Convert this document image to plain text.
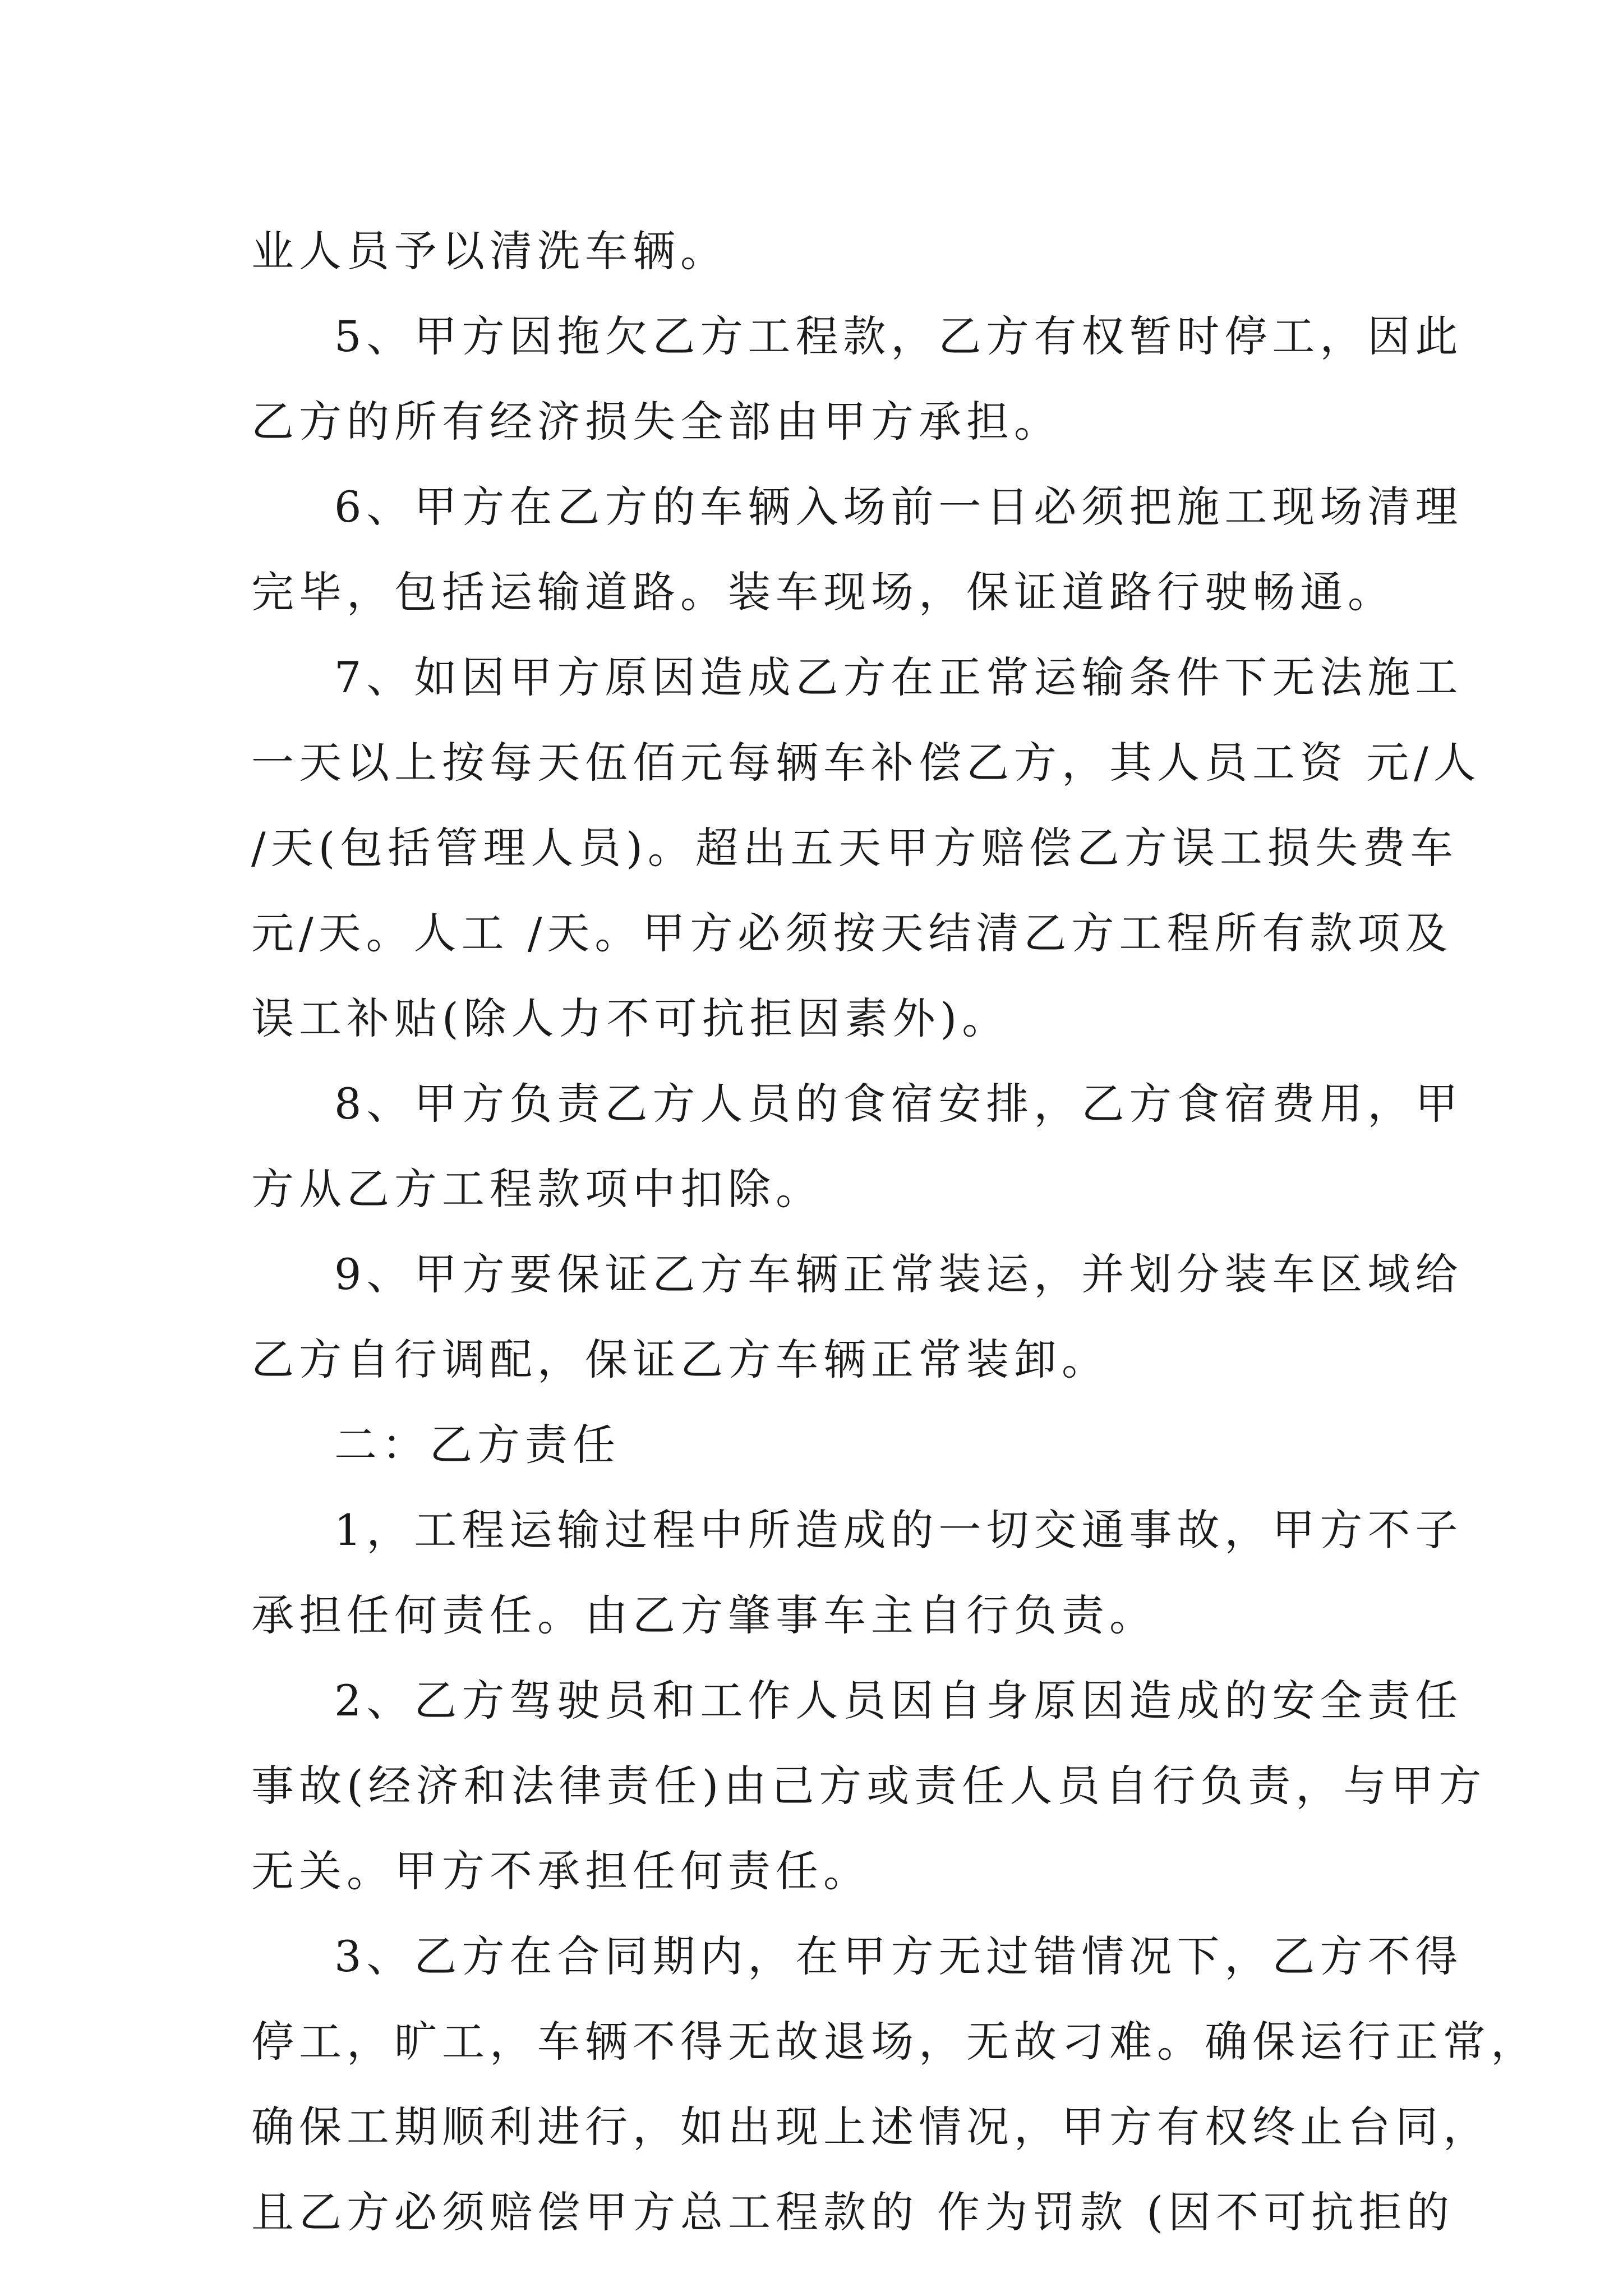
业人员予以清洗车辆。
5、甲方因拖欠乙方工程款，乙方有权暂时停工，因此
乙方的所有经济损失全部由甲方承担。
6、甲方在乙方的车辆入场前一日必须把施工现场清理
完毕，包括运输道路。装车现场，保证道路行驶畅通。
7、如因甲方原因造成乙方在正常运输条件下无法施工
一天以上按每天伍佰元每辆车补偿乙方，其人员工资 元/人
/天(包括管理人员)。超出五天甲方赔偿乙方误工损失费车
元/天。人工 /天。甲方必须按天结清乙方工程所有款项及
误工补贴(除人力不可抗拒因素外)。
8、甲方负责乙方人员的食宿安排，乙方食宿费用，甲
方从乙方工程款项中扣除。
9、甲方要保证乙方车辆正常装运，并划分装车区域给
乙方自行调配，保证乙方车辆正常装卸。
二：乙方责任
1，工程运输过程中所造成的一切交通事故，甲方不子
承担任何责任。由乙方肇事车主自行负责。
2、乙方驾驶员和工作人员因自身原因造成的安全责任
事故(经济和法律责任)由己方或责任人员自行负责，与甲方
无关。甲方不承担任何责任。
3、乙方在合同期内，在甲方无过错情况下，乙方不得
停工，旷工，车辆不得无故退场，无故刁难。确保运行正常，
确保工期顺利进行，如出现上述情况，甲方有权终止台同，
且乙方必须赔偿甲方总工程款的 作为罚款 (因不可抗拒的
